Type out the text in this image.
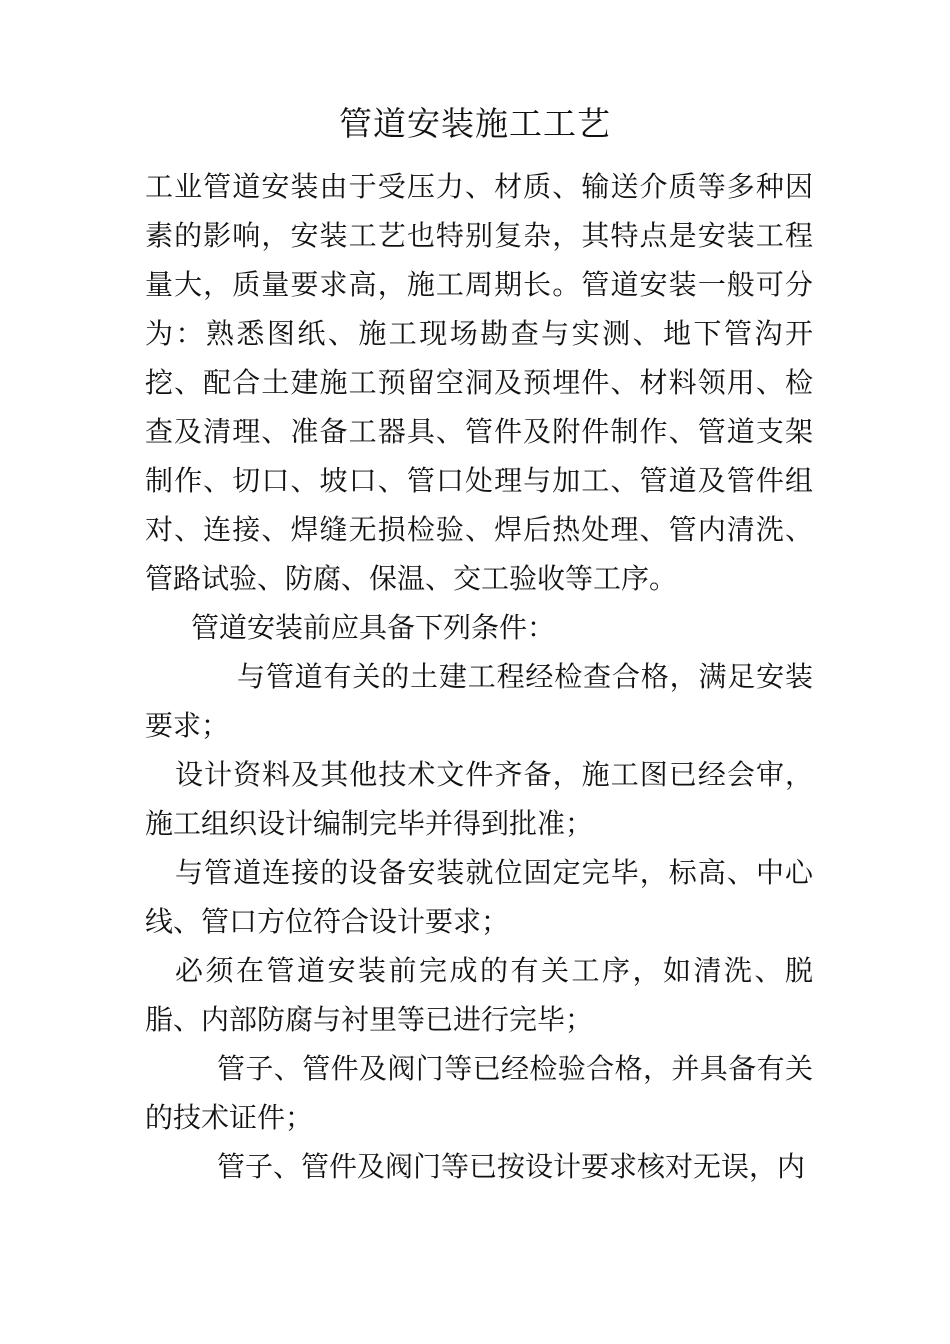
管道安装施工工艺

工业管道安装由于受压力、材质、输送介质等多种因素的影响，安装工艺也特别复杂，其特点是安装工程量大，质量要求高，施工周期长。管道安装一般可分为：熟悉图纸、施工现场勘查与实测、地下管沟开挖、配合土建施工预留空洞及预埋件、材料领用、检查及清理、准备工器具、管件及附件制作、管道支架制作、切口、坡口、管口处理与加工、管道及管件组对、连接、焊缝无损检验、焊后热处理、管内清洗、管路试验、防腐、保温、交工验收等工序。

管道安装前应具备下列条件：

与管道有关的土建工程经检查合格，满足安装要求；

设计资料及其他技术文件齐备，施工图已经会审，施工组织设计编制完毕并得到批准；

与管道连接的设备安装就位固定完毕，标高、中心线、管口方位符合设计要求；

必须在管道安装前完成的有关工序，如清洗、脱脂、内部防腐与衬里等已进行完毕；

管子、管件及阀门等已经检验合格，并具备有关的技术证件；

管子、管件及阀门等已按设计要求核对无误，内
